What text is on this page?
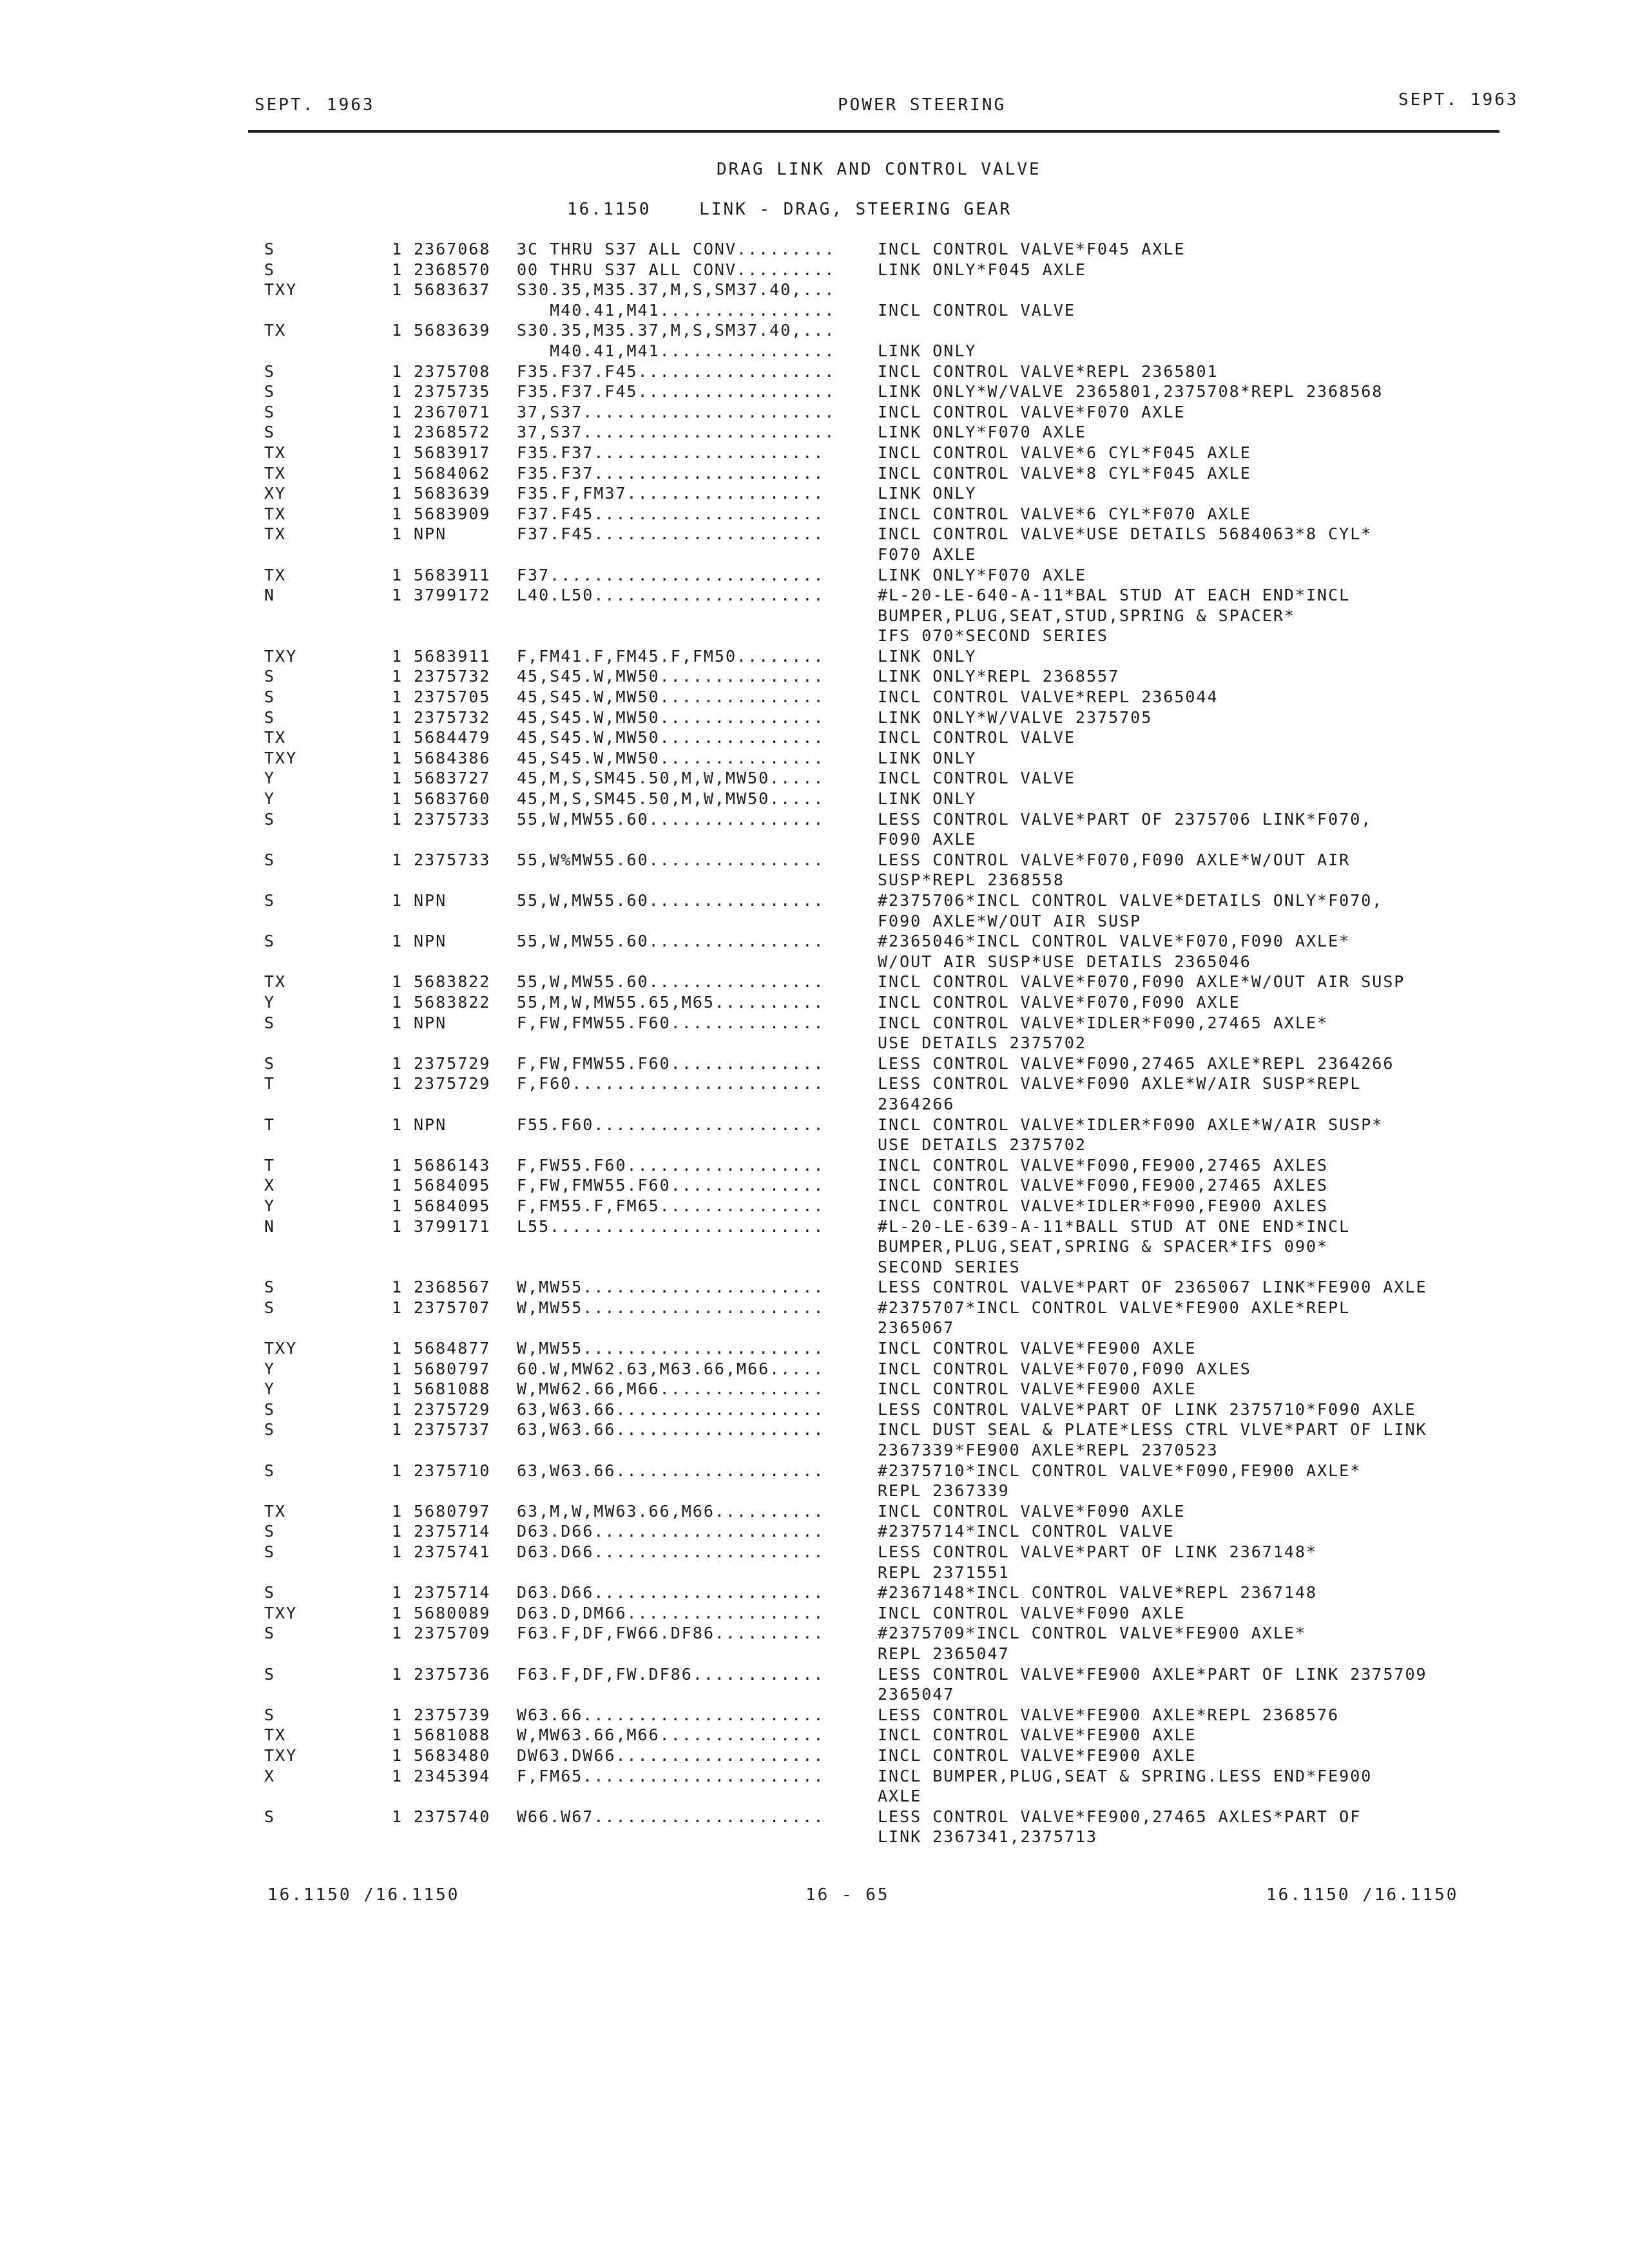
SEPT. 1963	POWER STEERING	SEPT. 1963
DRAG LINK AND CONTROL VALVE
16.1150    LINK - DRAG, STEERING GEAR
S	1 2367068 3C THRU S37 ALL CONV.........	INCL CONTROL VALVE*F045 AXLE
S	1 2368570 00 THRU S37 ALL CONV.........	LINK ONLY*F045 AXLE
TXY	1 5683637 S30.35,M35.37,M,S,SM37.40,...
M40.41,M41................	INCL CONTROL VALVE
TX	1 5683639 S30.35,M35.37,M,S,SM37.40,...
M40.41,M41................	LINK ONLY
S	1 2375708 F35.F37.F45..................	INCL CONTROL VALVE*REPL 2365801
S	1 2375735 F35.F37.F45..................	LINK ONLY*W/VALVE 2365801,2375708*REPL 2368568
S	1 2367071 37,S37.......................	INCL CONTROL VALVE*F070 AXLE
S	1 2368572 37,S37.......................	LINK ONLY*F070 AXLE
TX	1 5683917 F35.F37.....................	INCL CONTROL VALVE*6 CYL*F045 AXLE
TX	1 5684062 F35.F37.....................	INCL CONTROL VALVE*8 CYL*F045 AXLE
XY	1 5683639 F35.F,FM37..................	LINK ONLY
TX	1 5683909 F37.F45.....................	INCL CONTROL VALVE*6 CYL*F070 AXLE
TX	1 NPN	F37.F45.....................	INCL CONTROL VALVE*USE DETAILS 5684063*8 CYL*
F070 AXLE
TX	1 5683911 F37.........................	LINK ONLY*F070 AXLE
N	1 3799172 L40.L50.....................	#L-20-LE-640-A-11*BAL STUD AT EACH END*INCL
BUMPER,PLUG,SEAT,STUD,SPRING & SPACER*
IFS 070*SECOND SERIES
TXY	1 5683911 F,FM41.F,FM45.F,FM50........	LINK ONLY
S	1 2375732 45,S45.W,MW50...............	LINK ONLY*REPL 2368557
S	1 2375705 45,S45.W,MW50...............	INCL CONTROL VALVE*REPL 2365044
S	1 2375732 45,S45.W,MW50...............	LINK ONLY*W/VALVE 2375705
TX	1 5684479 45,S45.W,MW50...............	INCL CONTROL VALVE
TXY	1 5684386 45,S45.W,MW50...............	LINK ONLY
Y	1 5683727 45,M,S,SM45.50,M,W,MW50.....	INCL CONTROL VALVE
Y	1 5683760 45,M,S,SM45.50,M,W,MW50.....	LINK ONLY
S	1 2375733 55,W,MW55.60................	LESS CONTROL VALVE*PART OF 2375706 LINK*F070,
F090 AXLE
S	1 2375733 55,W%MW55.60................	LESS CONTROL VALVE*F070,F090 AXLE*W/OUT AIR
SUSP*REPL 2368558
S	1 NPN	55,W,MW55.60................	#2375706*INCL CONTROL VALVE*DETAILS ONLY*F070,
F090 AXLE*W/OUT AIR SUSP
S	1 NPN	55,W,MW55.60................	#2365046*INCL CONTROL VALVE*F070,F090 AXLE*
W/OUT AIR SUSP*USE DETAILS 2365046
TX	1 5683822 55,W,MW55.60................	INCL CONTROL VALVE*F070,F090 AXLE*W/OUT AIR SUSP
Y	1 5683822 55,M,W,MW55.65,M65..........	INCL CONTROL VALVE*F070,F090 AXLE
S	1 NPN	F,FW,FMW55.F60..............	INCL CONTROL VALVE*IDLER*F090,27465 AXLE*
USE DETAILS 2375702
S	1 2375729 F,FW,FMW55.F60..............	LESS CONTROL VALVE*F090,27465 AXLE*REPL 2364266
T	1 2375729 F,F60.......................	LESS CONTROL VALVE*F090 AXLE*W/AIR SUSP*REPL
2364266
T	1 NPN	F55.F60.....................	INCL CONTROL VALVE*IDLER*F090 AXLE*W/AIR SUSP*
USE DETAILS 2375702
T	1 5686143 F,FW55.F60..................	INCL CONTROL VALVE*F090,FE900,27465 AXLES
X	1 5684095 F,FW,FMW55.F60..............	INCL CONTROL VALVE*F090,FE900,27465 AXLES
Y	1 5684095 F,FM55.F,FM65...............	INCL CONTROL VALVE*IDLER*F090,FE900 AXLES
N	1 3799171 L55.........................	#L-20-LE-639-A-11*BALL STUD AT ONE END*INCL
BUMPER,PLUG,SEAT,SPRING & SPACER*IFS 090*
SECOND SERIES
S	1 2368567 W,MW55......................	LESS CONTROL VALVE*PART OF 2365067 LINK*FE900 AXLE
S	1 2375707 W,MW55......................	#2375707*INCL CONTROL VALVE*FE900 AXLE*REPL
2365067
TXY	1 5684877 W,MW55......................	INCL CONTROL VALVE*FE900 AXLE
Y	1 5680797 60.W,MW62.63,M63.66,M66.....	INCL CONTROL VALVE*F070,F090 AXLES
Y	1 5681088 W,MW62.66,M66...............	INCL CONTROL VALVE*FE900 AXLE
S	1 2375729 63,W63.66...................	LESS CONTROL VALVE*PART OF LINK 2375710*F090 AXLE
S	1 2375737 63,W63.66...................	INCL DUST SEAL & PLATE*LESS CTRL VLVE*PART OF LINK
2367339*FE900 AXLE*REPL 2370523
S	1 2375710 63,W63.66...................	#2375710*INCL CONTROL VALVE*F090,FE900 AXLE*
REPL 2367339
TX	1 5680797 63,M,W,MW63.66,M66..........	INCL CONTROL VALVE*F090 AXLE
S	1 2375714 D63.D66.....................	#2375714*INCL CONTROL VALVE
S	1 2375741 D63.D66.....................	LESS CONTROL VALVE*PART OF LINK 2367148*
REPL 2371551
S	1 2375714 D63.D66.....................	#2367148*INCL CONTROL VALVE*REPL 2367148
TXY	1 5680089 D63.D,DM66..................	INCL CONTROL VALVE*F090 AXLE
S	1 2375709 F63.F,DF,FW66.DF86..........	#2375709*INCL CONTROL VALVE*FE900 AXLE*
REPL 2365047
S	1 2375736 F63.F,DF,FW.DF86............	LESS CONTROL VALVE*FE900 AXLE*PART OF LINK 2375709
2365047
S	1 2375739 W63.66......................	LESS CONTROL VALVE*FE900 AXLE*REPL 2368576
TX	1 5681088 W,MW63.66,M66...............	INCL CONTROL VALVE*FE900 AXLE
TXY	1 5683480 DW63.DW66...................	INCL CONTROL VALVE*FE900 AXLE
X	1 2345394 F,FM65......................	INCL BUMPER,PLUG,SEAT & SPRING.LESS END*FE900
AXLE
S	1 2375740 W66.W67.....................	LESS CONTROL VALVE*FE900,27465 AXLES*PART OF
LINK 2367341,2375713
16.1150 /16.1150	16 - 65	16.1150 /16.1150
